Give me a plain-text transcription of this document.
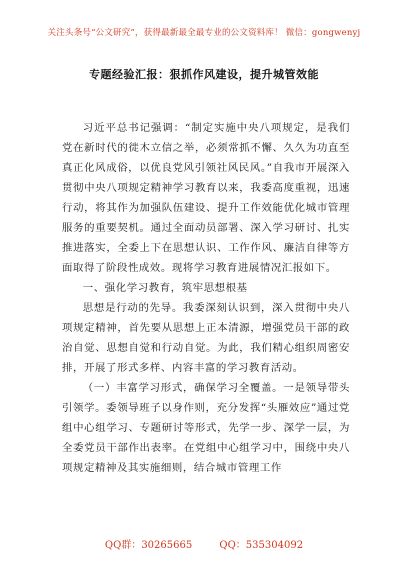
关注头条号“公文研究”，获得最新最全最专业的公文资料库！ 微信：gongwenyj
专题经验汇报：狠抓作风建设，提升城管效能

习近平总书记强调：“制定实施中央八项规定，是我们党在新时代的徙木立信之举，必须常抓不懈、久久为功直至真正化风成俗，以优良党风引领社风民风。”自我市开展深入贯彻中央八项规定精神学习教育以来，我委高度重视，迅速行动，将其作为加强队伍建设、提升工作效能优化城市管理服务的重要契机。通过全面动员部署、深入学习研讨、扎实推进落实，全委上下在思想认识、工作作风、廉洁自律等方面取得了阶段性成效。现将学习教育进展情况汇报如下。

一、强化学习教育，筑牢思想根基

思想是行动的先导。我委深刻认识到，深入贯彻中央八项规定精神，首先要从思想上正本清源，增强党员干部的政治自觉、思想自觉和行动自觉。为此，我们精心组织周密安排，开展了形式多样、内容丰富的学习教育活动。

（一）丰富学习形式，确保学习全覆盖。一是领导带头引领学。委领导班子以身作则，充分发挥“头雁效应”通过党组中心组学习、专题研讨等形式，先学一步、深学一层，为全委党员干部作出表率。在党组中心组学习中，围绕中央八项规定精神及其实施细则，结合城市管理工作

QQ群：30265665	QQ：535304092
